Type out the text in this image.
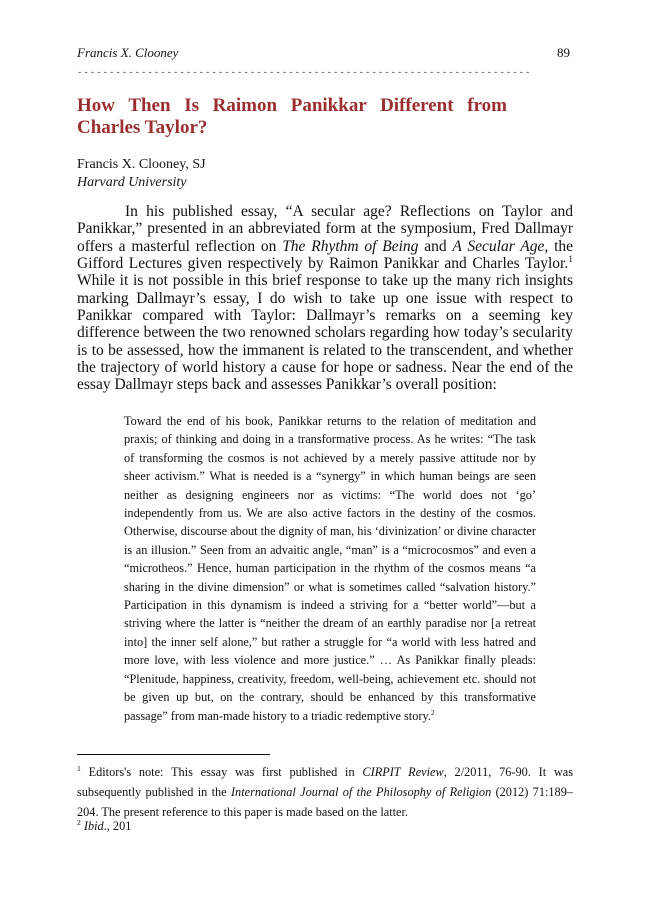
Francis X. Clooney	89
-----------------------------------------------------------------------
How Then Is Raimon Panikkar Different from Charles Taylor?
Francis X. Clooney, SJ
Harvard University

In his published essay, “A secular age? Reflections on Taylor and Panikkar,” presented in an abbreviated form at the symposium, Fred Dallmayr offers a masterful reflection on The Rhythm of Being and A Secular Age, the Gifford Lectures given respectively by Raimon Panikkar and Charles Taylor.$^1$ While it is not possible in this brief response to take up the many rich insights marking Dallmayr’s essay, I do wish to take up one issue with respect to Panikkar compared with Taylor: Dallmayr’s remarks on a seeming key difference between the two renowned scholars regarding how today’s secularity is to be assessed, how the immanent is related to the transcendent, and whether the trajectory of world history a cause for hope or sadness. Near the end of the essay Dallmayr steps back and assesses Panikkar’s overall position:

Toward the end of his book, Panikkar returns to the relation of meditation and praxis; of thinking and doing in a transformative process. As he writes: “The task of transforming the cosmos is not achieved by a merely passive attitude nor by sheer activism.” What is needed is a “synergy” in which human beings are seen neither as designing engineers nor as victims: “The world does not ‘go’ independently from us. We are also active factors in the destiny of the cosmos. Otherwise, discourse about the dignity of man, his ‘divinization’ or divine character is an illusion.” Seen from an advaitic angle, “man” is a “microcosmos” and even a “microtheos.” Hence, human participation in the rhythm of the cosmos means “a sharing in the divine dimension” or what is sometimes called “salvation history.” Participation in this dynamism is indeed a striving for a “better world”—but a striving where the latter is “neither the dream of an earthly paradise nor [a retreat into] the inner self alone,” but rather a struggle for “a world with less hatred and more love, with less violence and more justice.” … As Panikkar finally pleads: “Plenitude, happiness, creativity, freedom, well-being, achievement etc. should not be given up but, on the contrary, should be enhanced by this transformative passage” from man-made history to a triadic redemptive story.$^2$

$^1$ Editors's note: This essay was first published in CIRPIT Review, 2/2011, 76-90. It was subsequently published in the International Journal of the Philosophy of Religion (2012) 71:189–204. The present reference to this paper is made based on the latter.

$^2$ Ibid., 201
